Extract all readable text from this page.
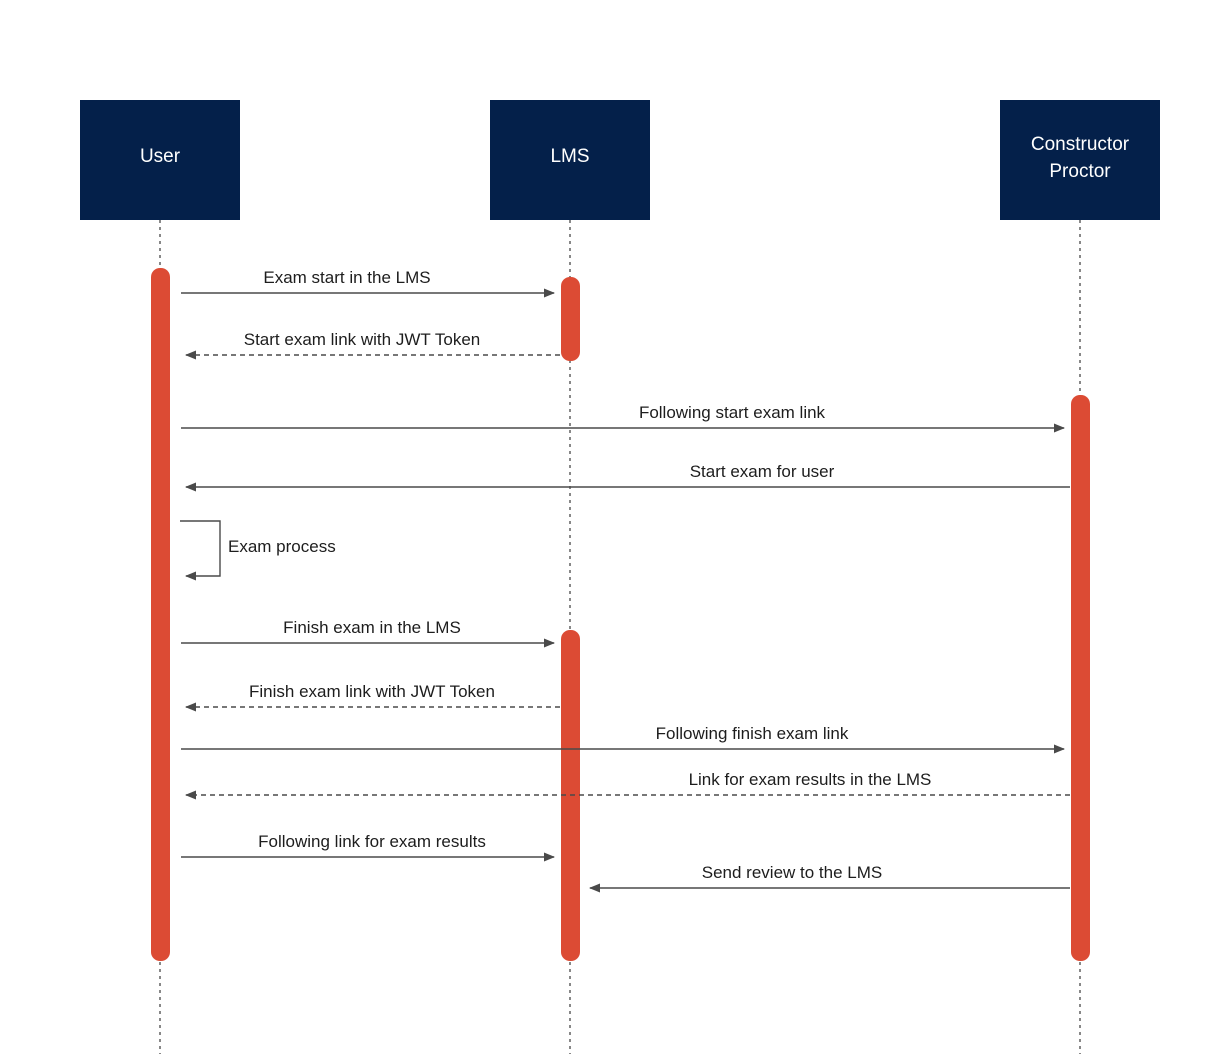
User	LMS
Constructor
Proctor
Exam start in the LMS
Start exam link with JWT Token
Following start exam link
Start exam for user
Exam process
Finish exam in the LMS
Finish exam link with JWT Token
Following finish exam link
Link for exam results in the LMS
Following link for exam results
Send review to the LMS
